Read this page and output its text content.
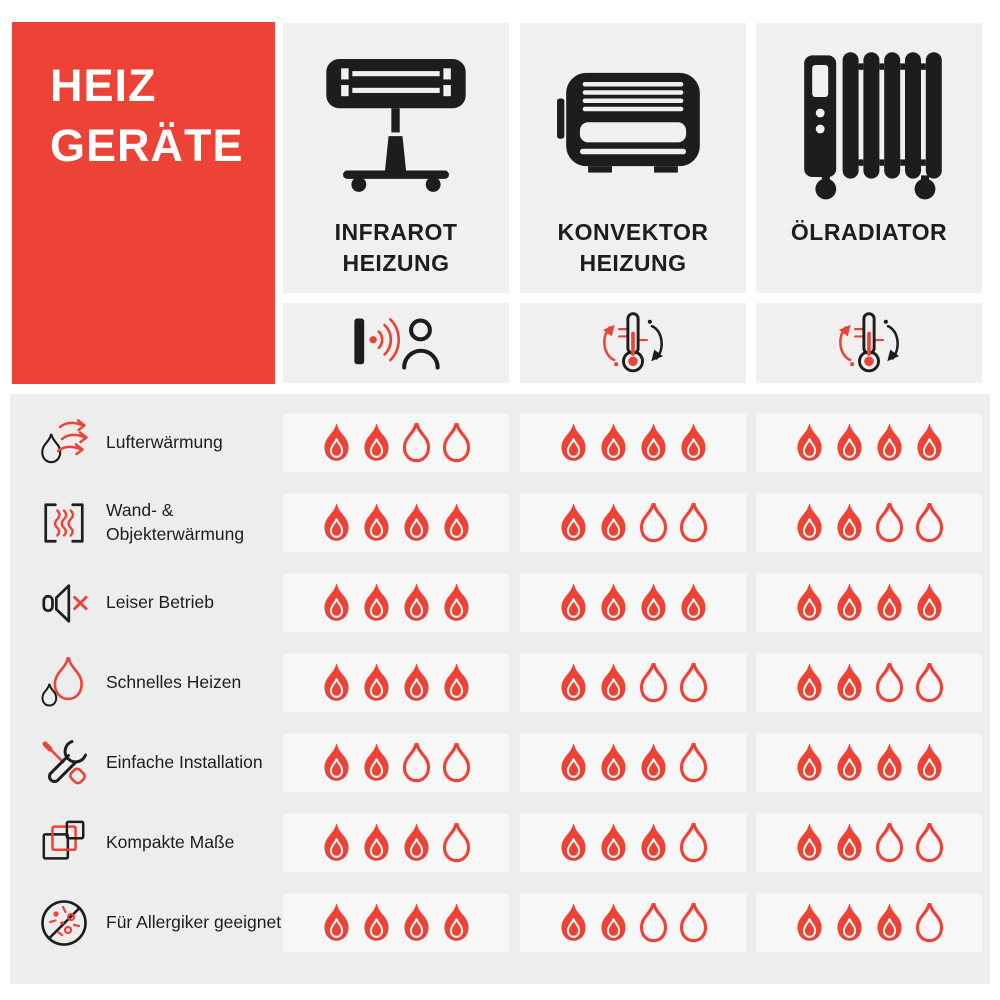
HEIZ
GERÄTE
INFRAROT
HEIZUNG
KONVEKTOR
HEIZUNG
ÖLRADIATOR
Lufterwärmung
Wand- & Objekterwärmung
Leiser Betrieb
Schnelles Heizen
Einfache Installation
Kompakte Maße
Für Allergiker geeignet
